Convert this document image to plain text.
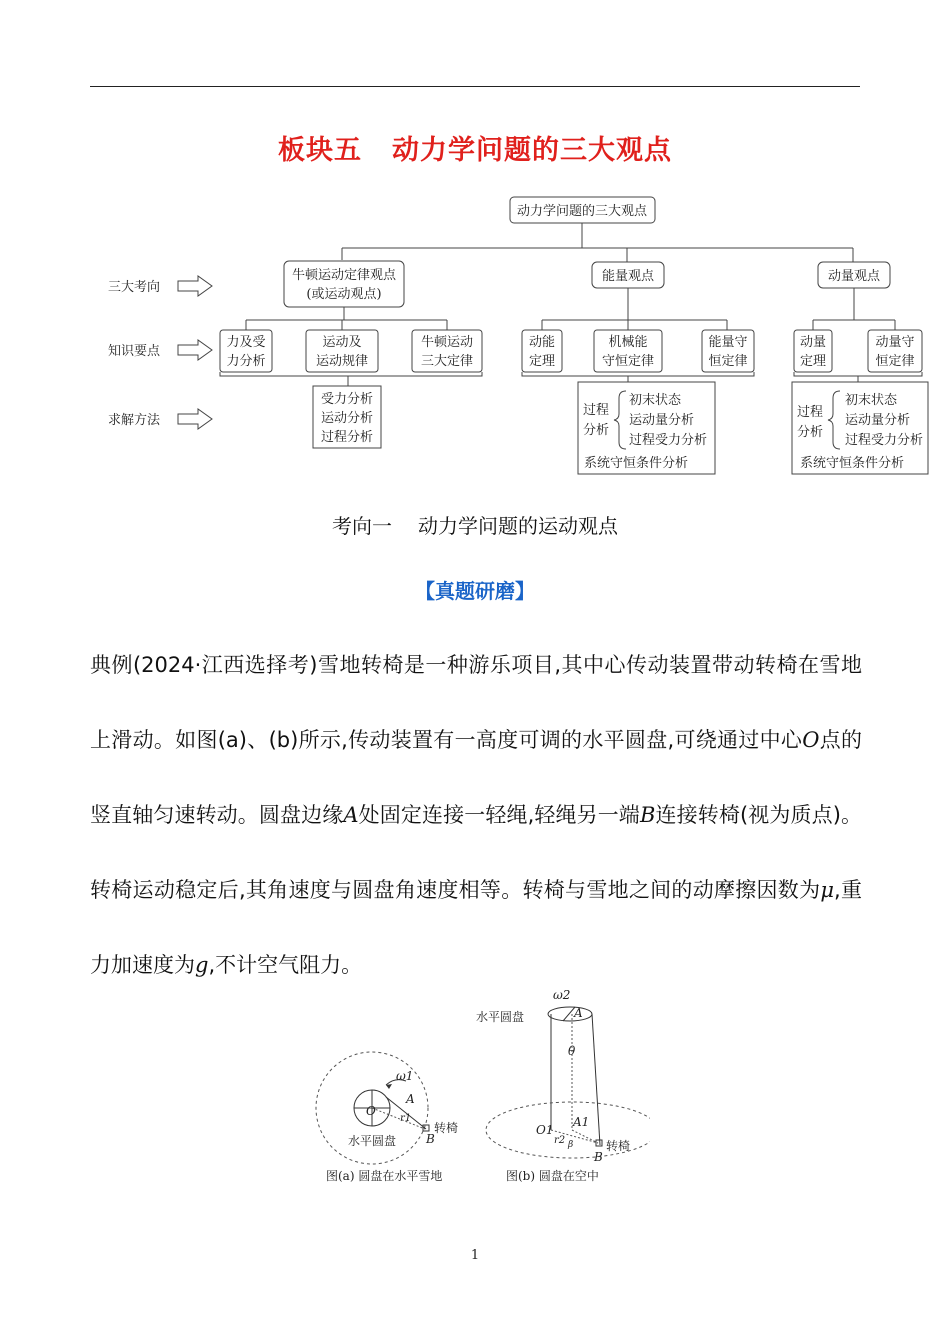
板块五 动力学问题的三大观点
动力学问题的三大观点
三大考向
知识要点
求解方法
牛顿运动定律观点
(或运动观点)
力及受
力分析
运动及
运动规律
牛顿运动
三大定律
受力分析
运动分析
过程分析
能量观点
动能
定理
机械能
守恒定律
能量守
恒定律
过程
分析
初末状态
运动量分析
过程受力分析
系统守恒条件分析
动量观点
动量
定理
动量守
恒定律
过程
分析
初末状态
运动量分析
过程受力分析
系统守恒条件分析
考向一 动力学问题的运动观点
【真题研磨】
典例(2024·江西选择考)雪地转椅是一种游乐项目,其中心传动装置带动转椅在雪地上滑动。如图(a)、(b)所示,传动装置有一高度可调的水平圆盘,可绕通过中心O点的竖直轴匀速转动。圆盘边缘A处固定连接一轻绳,轻绳另一端B连接转椅(视为质点)。转椅运动稳定后,其角速度与圆盘角速度相等。转椅与雪地之间的动摩擦因数为μ,重力加速度为g,不计空气阻力。
ω1
O
A
r1
B
转椅
水平圆盘
图(a) 圆盘在水平雪地
ω2
水平圆盘	A
θ
O1
A1
r2 β
B
转椅
图(b) 圆盘在空中
1
